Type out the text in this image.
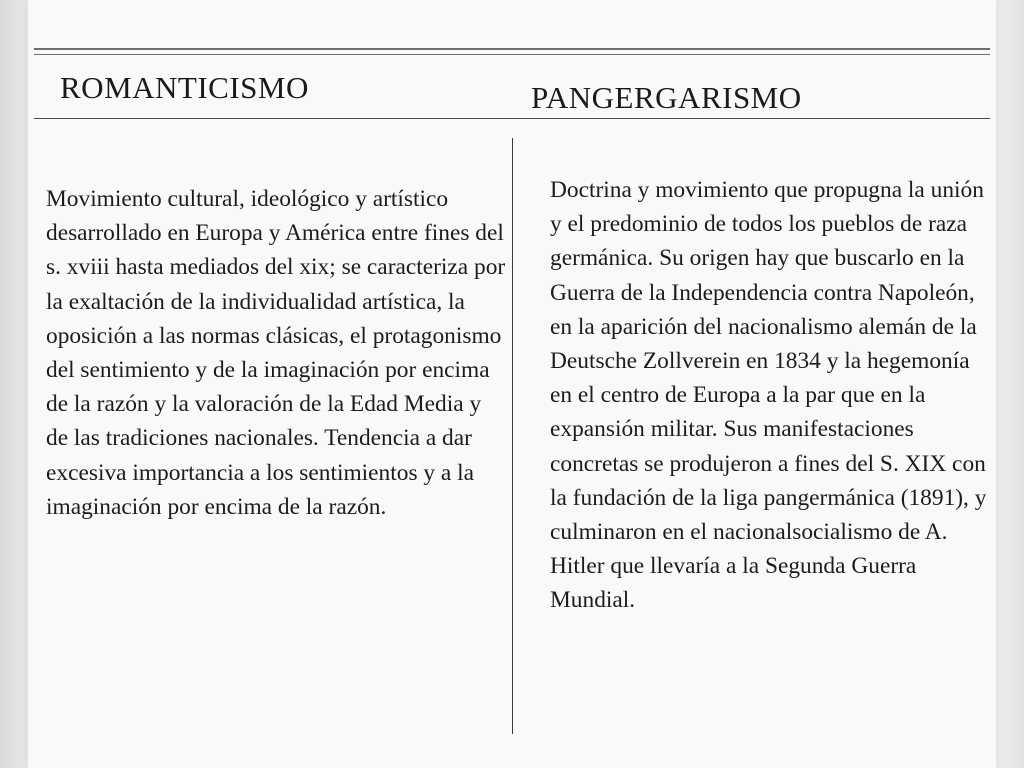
ROMANTICISMO	PANGERGARISMO

Movimiento cultural, ideológico y artístico desarrollado en Europa y América entre fines del s. xviii hasta mediados del xix; se caracteriza por la exaltación de la individualidad artística, la oposición a las normas clásicas, el protagonismo del sentimiento y de la imaginación por encima de la razón y la valoración de la Edad Media y de las tradiciones nacionales. Tendencia a dar excesiva importancia a los sentimientos y a la imaginación por encima de la razón.

Doctrina y movimiento que propugna la unión y el predominio de todos los pueblos de raza germánica. Su origen hay que buscarlo en la Guerra de la Independencia contra Napoleón, en la aparición del nacionalismo alemán de la Deutsche Zollverein en 1834 y la hegemonía en el centro de Europa a la par que en la expansión militar. Sus manifestaciones concretas se produjeron a fines del S. XIX con la fundación de la liga pangermánica (1891), y culminaron en el nacionalsocialismo de A. Hitler que llevaría a la Segunda Guerra Mundial.
